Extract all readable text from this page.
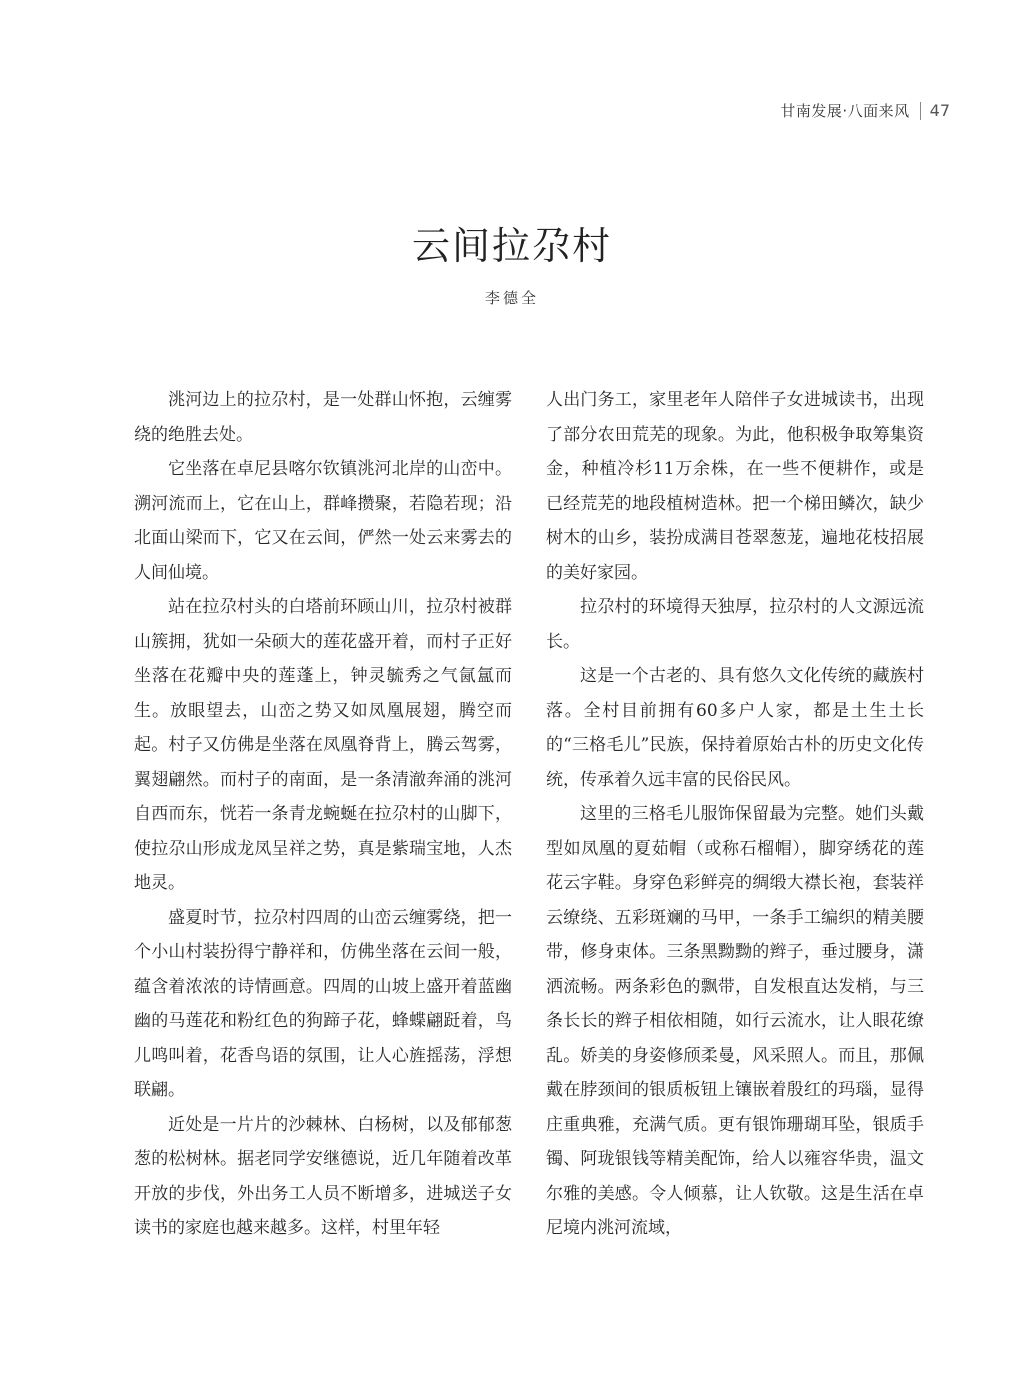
甘南发展·八面来风 47
云间拉尕村
李德全

洮河边上的拉尕村，是一处群山怀抱，云缠雾绕的绝胜去处。

它坐落在卓尼县喀尔钦镇洮河北岸的山峦中。溯河流而上，它在山上，群峰攒聚，若隐若现；沿北面山梁而下，它又在云间，俨然一处云来雾去的人间仙境。

站在拉尕村头的白塔前环顾山川，拉尕村被群山簇拥，犹如一朵硕大的莲花盛开着，而村子正好坐落在花瓣中央的莲蓬上，钟灵毓秀之气氤氲而生。放眼望去，山峦之势又如凤凰展翅，腾空而起。村子又仿佛是坐落在凤凰脊背上，腾云驾雾，翼翅翩然。而村子的南面，是一条清澈奔涌的洮河自西而东，恍若一条青龙蜿蜒在拉尕村的山脚下，使拉尕山形成龙凤呈祥之势，真是紫瑞宝地，人杰地灵。

盛夏时节，拉尕村四周的山峦云缠雾绕，把一个小山村装扮得宁静祥和，仿佛坐落在云间一般，蕴含着浓浓的诗情画意。四周的山坡上盛开着蓝幽幽的马莲花和粉红色的狗蹄子花，蜂蝶翩跹着，鸟儿鸣叫着，花香鸟语的氛围，让人心旌摇荡，浮想联翩。

近处是一片片的沙棘林、白杨树，以及郁郁葱葱的松树林。据老同学安继德说，近几年随着改革开放的步伐，外出务工人员不断增多，进城送子女读书的家庭也越来越多。这样，村里年轻

人出门务工，家里老年人陪伴子女进城读书，出现了部分农田荒芜的现象。为此，他积极争取筹集资金，种植冷杉11万余株，在一些不便耕作，或是已经荒芜的地段植树造林。把一个梯田鳞次，缺少树木的山乡，装扮成满目苍翠葱茏，遍地花枝招展的美好家园。

拉尕村的环境得天独厚，拉尕村的人文源远流长。

这是一个古老的、具有悠久文化传统的藏族村落。全村目前拥有60多户人家，都是土生土长的“三格毛儿”民族，保持着原始古朴的历史文化传统，传承着久远丰富的民俗民风。

这里的三格毛儿服饰保留最为完整。她们头戴型如凤凰的夏茹帽（或称石榴帽），脚穿绣花的莲花云字鞋。身穿色彩鲜亮的绸缎大襟长袍，套装祥云缭绕、五彩斑斓的马甲，一条手工编织的精美腰带，修身束体。三条黑黝黝的辫子，垂过腰身，潇洒流畅。两条彩色的飘带，自发根直达发梢，与三条长长的辫子相依相随，如行云流水，让人眼花缭乱。娇美的身姿修颀柔曼，风采照人。而且，那佩戴在脖颈间的银质板钮上镶嵌着殷红的玛瑙，显得庄重典雅，充满气质。更有银饰珊瑚耳坠，银质手镯、阿珑银钱等精美配饰，给人以雍容华贵，温文尔雅的美感。令人倾慕，让人钦敬。这是生活在卓尼境内洮河流域，
